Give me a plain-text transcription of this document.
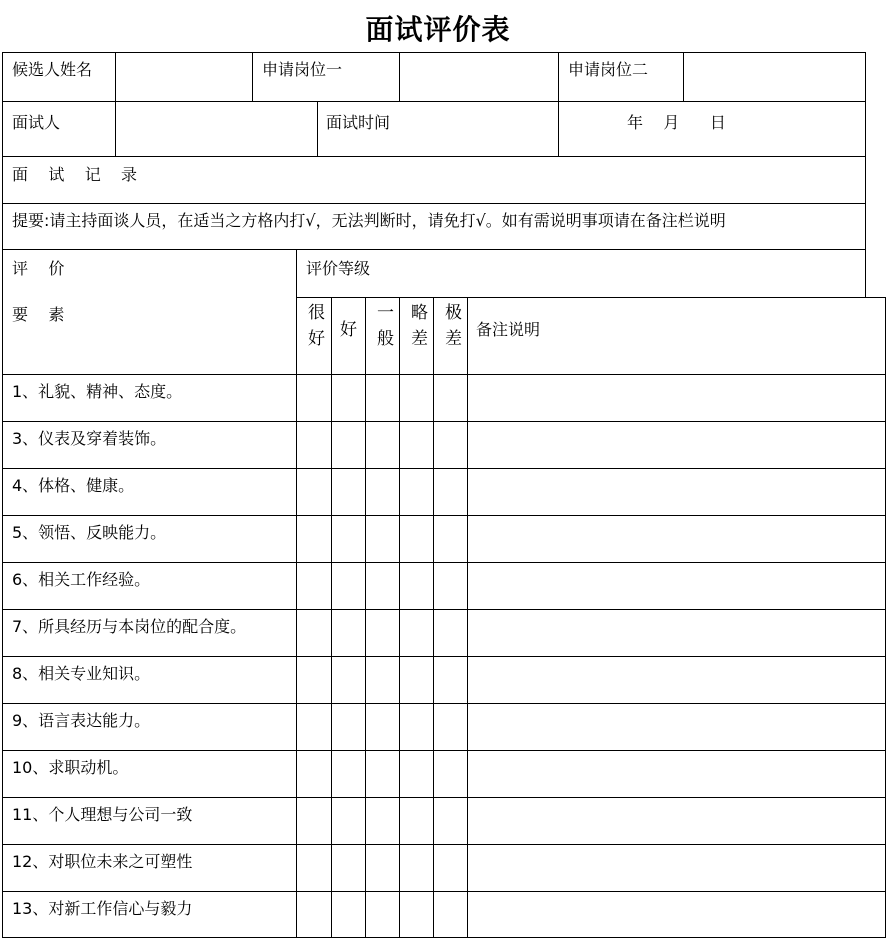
面试评价表
候选人姓名	申请岗位一	申请岗位二
面试人	面试时间	年    月      日
面    试    记    录
提要:请主持面谈人员，在适当之方格内打√，无法判断时，请免打√。如有需说明事项请在备注栏说明
评    价
要    素
评价等级
很好 好 一般 略差 极差 备注说明
1、礼貌、精神、态度。
3、仪表及穿着装饰。
4、体格、健康。
5、领悟、反映能力。
6、相关工作经验。
7、所具经历与本岗位的配合度。
8、相关专业知识。
9、语言表达能力。
10、求职动机。
11、个人理想与公司一致
12、对职位未来之可塑性
13、对新工作信心与毅力
